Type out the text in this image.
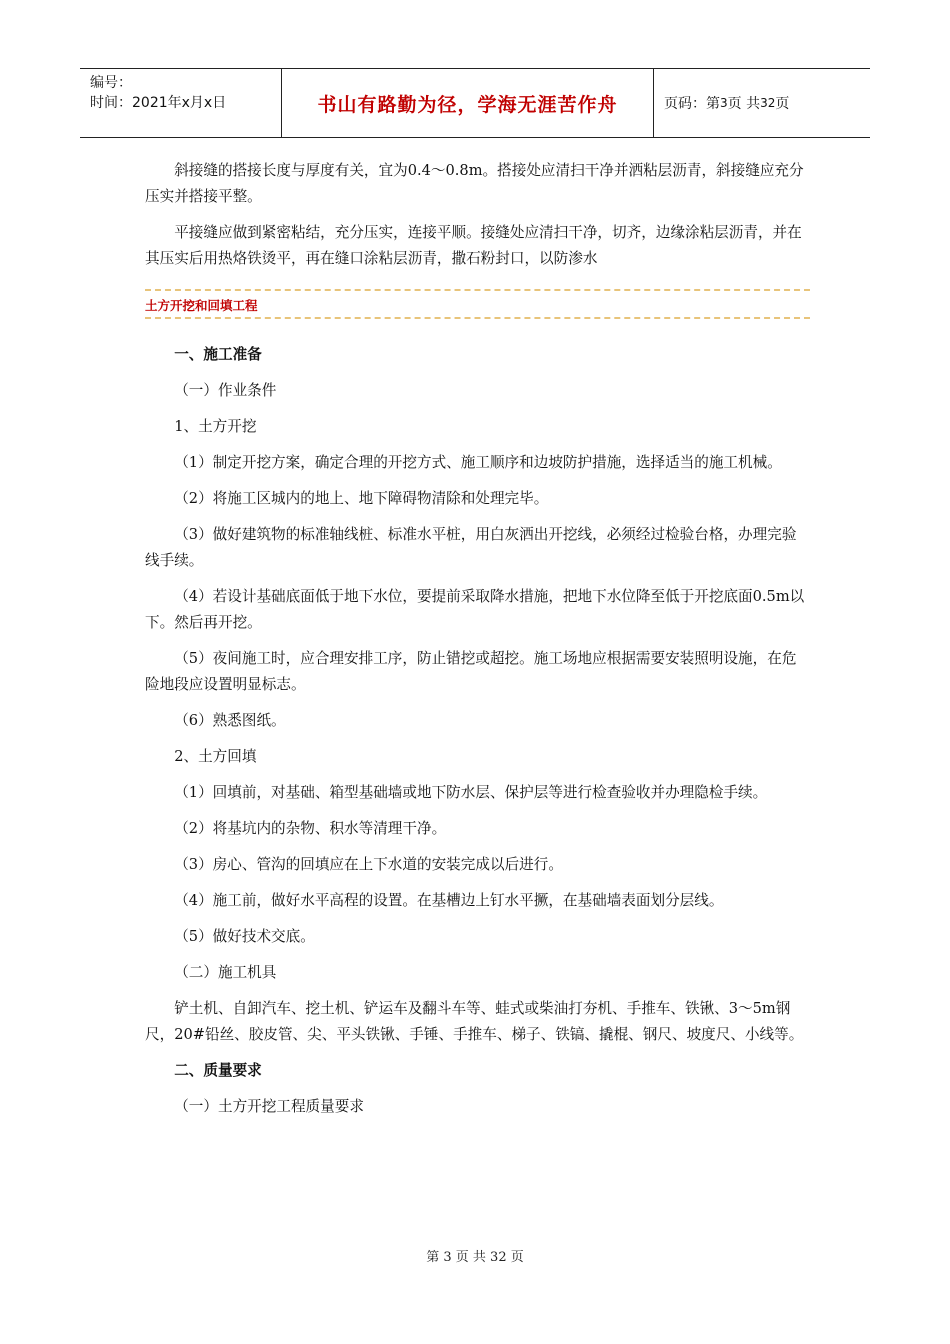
编号：
时间：2021年x月x日	书山有路勤为径，学海无涯苦作舟	页码：第 3 页 共 32 页

斜接缝的搭接长度与厚度有关，宜为0.4～0.8m。搭接处应清扫干净并洒粘层沥青，斜接缝应充分压实并搭接平整。

平接缝应做到紧密粘结，充分压实，连接平顺。接缝处应清扫干净，切齐，边缘涂粘层沥青，并在其压实后用热烙铁烫平，再在缝口涂粘层沥青，撒石粉封口，以防渗水

土方开挖和回填工程

一、施工准备

（一）作业条件

1、土方开挖

（1）制定开挖方案，确定合理的开挖方式、施工顺序和边坡防护措施，选择适当的施工机械。

（2）将施工区城内的地上、地下障碍物清除和处理完毕。

（3）做好建筑物的标准轴线桩、标准水平桩，用白灰洒出开挖线，必须经过检验台格，办理完验线手续。

（4）若设计基础底面低于地下水位，要提前采取降水措施，把地下水位降至低于开挖底面0.5m以下。然后再开挖。

（5）夜间施工时，应合理安排工序，防止错挖或超挖。施工场地应根据需要安装照明设施，在危险地段应设置明显标志。

（6）熟悉图纸。

2、土方回填

（1）回填前，对基础、箱型基础墙或地下防水层、保护层等进行检查验收并办理隐检手续。

（2）将基坑内的杂物、积水等清理干净。

（3）房心、管沟的回填应在上下水道的安装完成以后进行。

（4）施工前，做好水平高程的设置。在基槽边上钉水平撅，在基础墙表面划分层线。

（5）做好技术交底。

（二）施工机具

铲土机、自卸汽车、挖土机、铲运车及翻斗车等、蛙式或柴油打夯机、手推车、铁锹、3～5m钢尺，20#铅丝、胶皮管、尖、平头铁锹、手锤、手推车、梯子、铁镐、撬棍、钢尺、坡度尺、小线等。

二、质量要求

（一）土方开挖工程质量要求

第 3 页 共 32 页
